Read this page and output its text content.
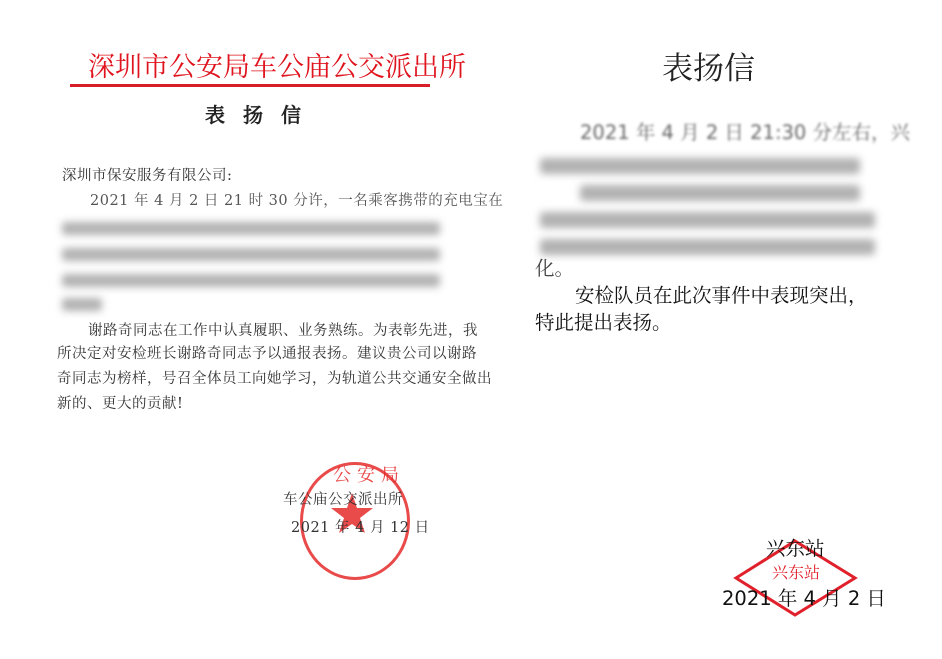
深圳市公安局车公庙公交派出所
表扬信
深圳市保安服务有限公司:
2021 年 4 月 2 日 21 时 30 分许，一名乘客携带的充电宝在
谢路奇同志在工作中认真履职、业务熟练。为表彰先进，我
所决定对安检班长谢路奇同志予以通报表扬。建议贵公司以谢路
奇同志为榜样，号召全体员工向她学习，为轨道公共交通安全做出
新的、更大的贡献!
公安局
车公庙公交派出所
2021 年 4 月 12 日
表扬信
2021 年 4 月 2 日 21:30 分左右，兴
化。
安检队员在此次事件中表现突出，
特此提出表扬。
兴东站
兴东站
2021 年 4 月 2 日
